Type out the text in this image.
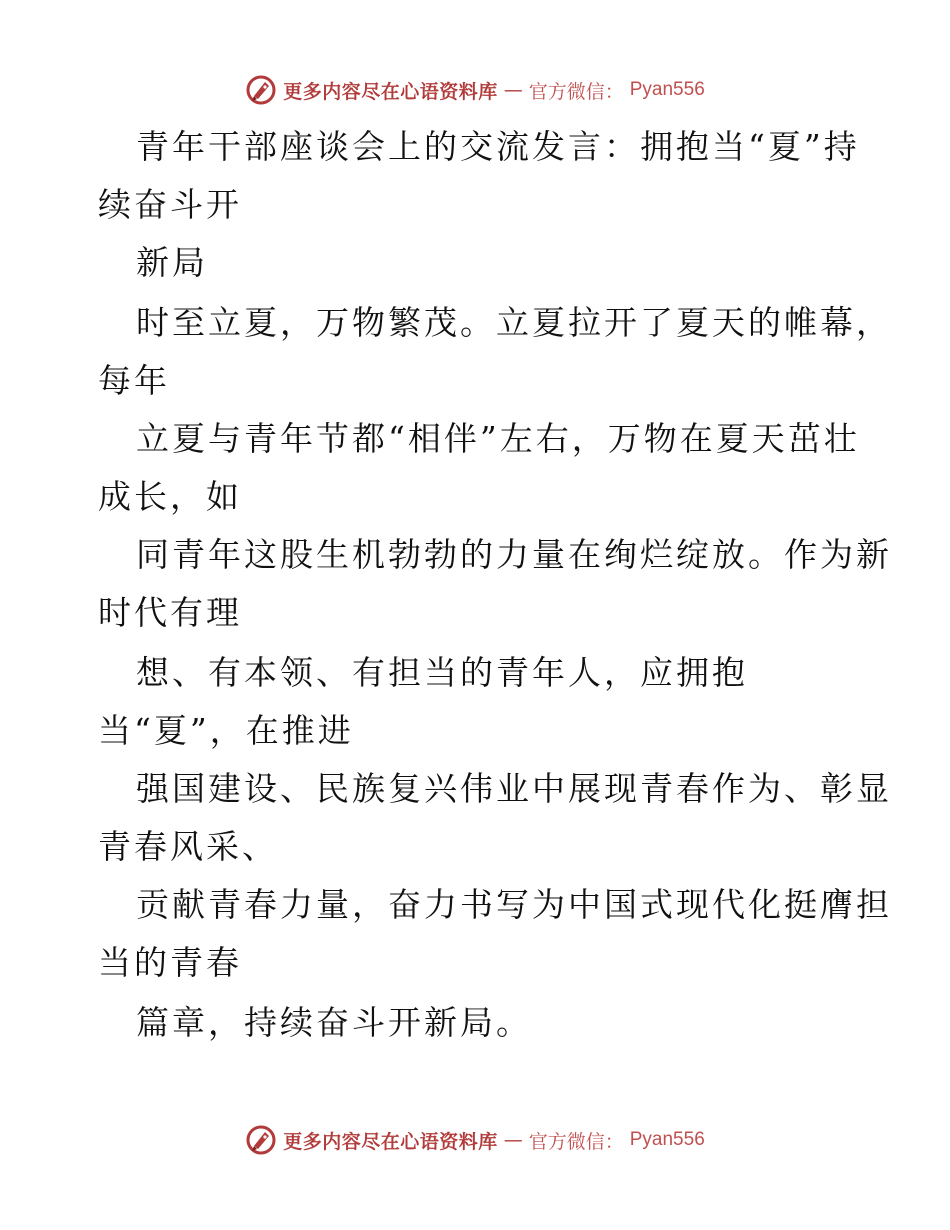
更多内容尽在心语资料库 — 官方微信： Pyan556
青年干部座谈会上的交流发言：拥抱当“夏”持
续奋斗开
新局
时至立夏，万物繁茂。立夏拉开了夏天的帷幕，
每年
立夏与青年节都“相伴”左右，万物在夏天茁壮
成长，如
同青年这股生机勃勃的力量在绚烂绽放。作为新
时代有理
想、有本领、有担当的青年人，应拥抱
当“夏”，在推进
强国建设、民族复兴伟业中展现青春作为、彰显
青春风采、
贡献青春力量，奋力书写为中国式现代化挺膺担
当的青春
篇章，持续奋斗开新局。
更多内容尽在心语资料库 — 官方微信： Pyan556
